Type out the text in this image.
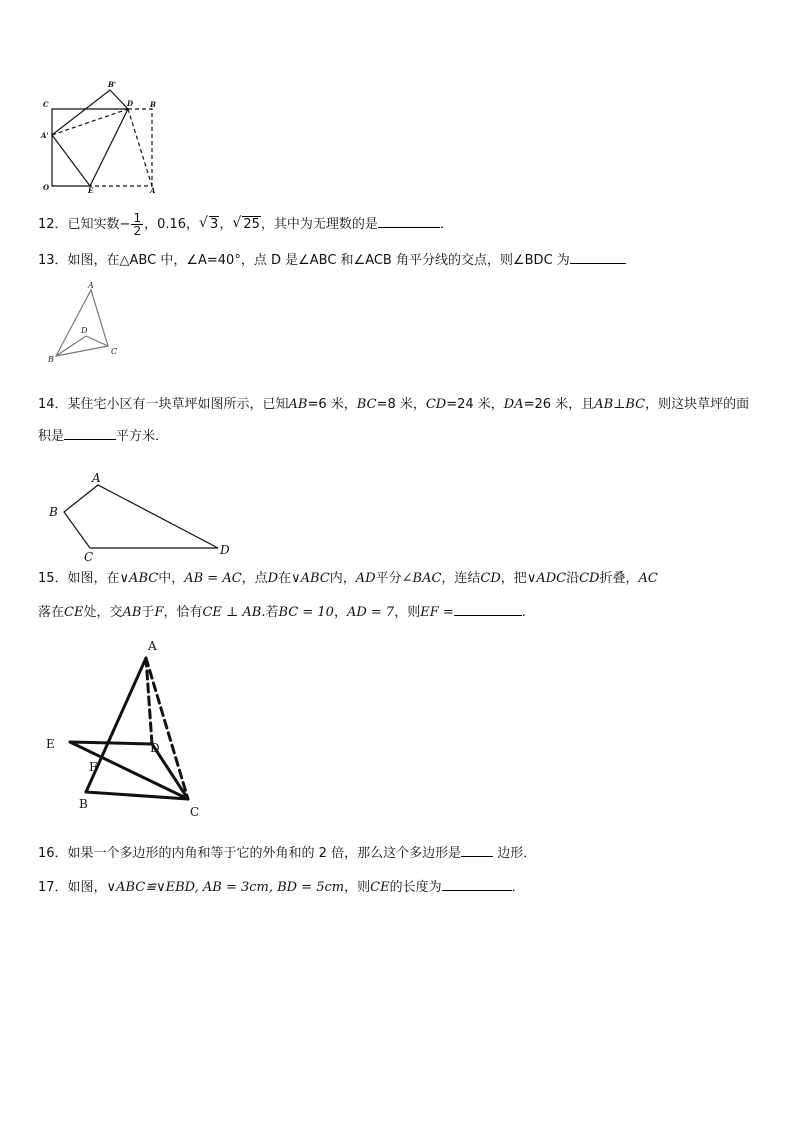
C
B'
D B
A'
O	E	A
12．已知实数− $\frac{1}{2}$ ，0.16， √ 3， √ 25，其中为无理数的是	．
13．如图，在△ABC 中，∠A=40°，点 D 是∠ABC 和∠ACB 角平分线的交点，则∠BDC 为
A
D
B
C
14．某住宅小区有一块草坪如图所示，已知AB=6 米，BC=8 米，CD=24 米，DA=26 米，且AB⊥BC，则这块草坪的面
积是	平方米．
A
B
C	D
15．如图，在∨ABC中，AB = AC，点D在∨ABC内，AD平分∠BAC，连结CD，把∨ADC沿CD折叠，AC
落在CE处，交AB于F，恰有CE ⊥ AB.若BC = 10，AD = 7，则EF =	.
A
E	D
F
B
C
16．如果一个多边形的内角和等于它的外角和的 2 倍，那么这个多边形是 边形．
17．如图，∨ABC≌∨EBD, AB = 3cm, BD = 5cm，则CE的长度为	．
